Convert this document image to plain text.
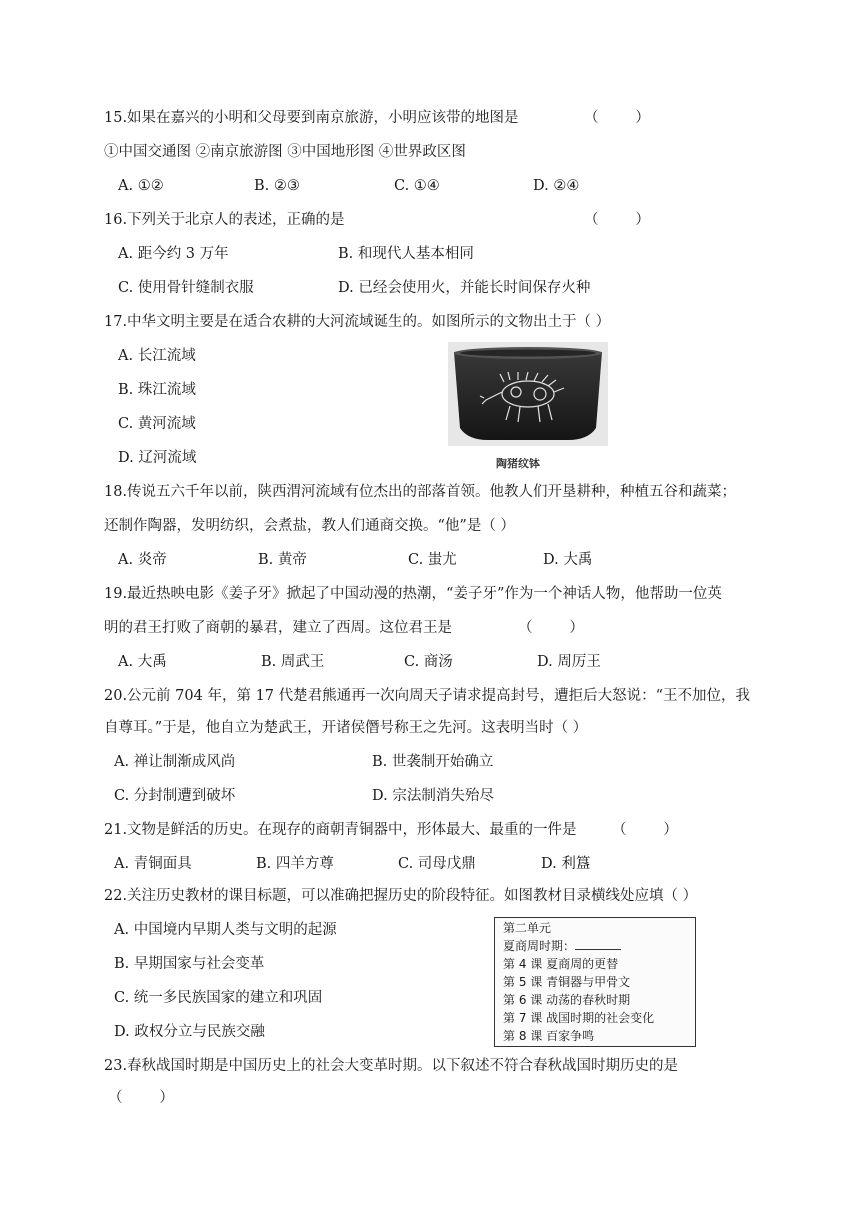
15.如果在嘉兴的小明和父母要到南京旅游，小明应该带的地图是	（        ）
①中国交通图 ②南京旅游图 ③中国地形图 ④世界政区图
A. ①②	B. ②③	C. ①④	D. ②④
16.下列关于北京人的表述，正确的是	（        ）
A. 距今约 3 万年	B. 和现代人基本相同
C. 使用骨针缝制衣服	D. 已经会使用火，并能长时间保存火种
17.中华文明主要是在适合农耕的大河流域诞生的。如图所示的文物出土于（ ）
A. 长江流域
B. 珠江流域
C. 黄河流域
D. 辽河流域	陶猪纹钵
18.传说五六千年以前，陕西渭河流域有位杰出的部落首领。他教人们开垦耕种，种植五谷和蔬菜；
还制作陶器，发明纺织，会煮盐，教人们通商交换。“他”是（ ）
A. 炎帝	B. 黄帝	C. 蚩尤	D. 大禹
19.最近热映电影《姜子牙》掀起了中国动漫的热潮，“姜子牙”作为一个神话人物，他帮助一位英
明的君王打败了商朝的暴君，建立了西周。这位君王是	（        ）
A. 大禹	B. 周武王	C. 商汤	D. 周厉王
20.公元前 704 年，第 17 代楚君熊通再一次向周天子请求提高封号，遭拒后大怒说：“王不加位，我
自尊耳。”于是，他自立为楚武王，开诸侯僭号称王之先河。这表明当时（ ）
A. 禅让制渐成风尚	B. 世袭制开始确立
C. 分封制遭到破坏	D. 宗法制消失殆尽
21.文物是鲜活的历史。在现存的商朝青铜器中，形体最大、最重的一件是 （        ）
A. 青铜面具	B. 四羊方尊	C. 司母戊鼎	D. 利簋
22.关注历史教材的课目标题，可以准确把握历史的阶段特征。如图教材目录横线处应填（ ）
A. 中国境内早期人类与文明的起源
B. 早期国家与社会变革
C. 统一多民族国家的建立和巩固
D. 政权分立与民族交融
第二单元
夏商周时期：
第 4 课 夏商周的更替
第 5 课 青铜器与甲骨文
第 6 课 动荡的春秋时期
第 7 课 战国时期的社会变化
第 8 课 百家争鸣
23.春秋战国时期是中国历史上的社会大变革时期。以下叙述不符合春秋战国时期历史的是
（        ）
